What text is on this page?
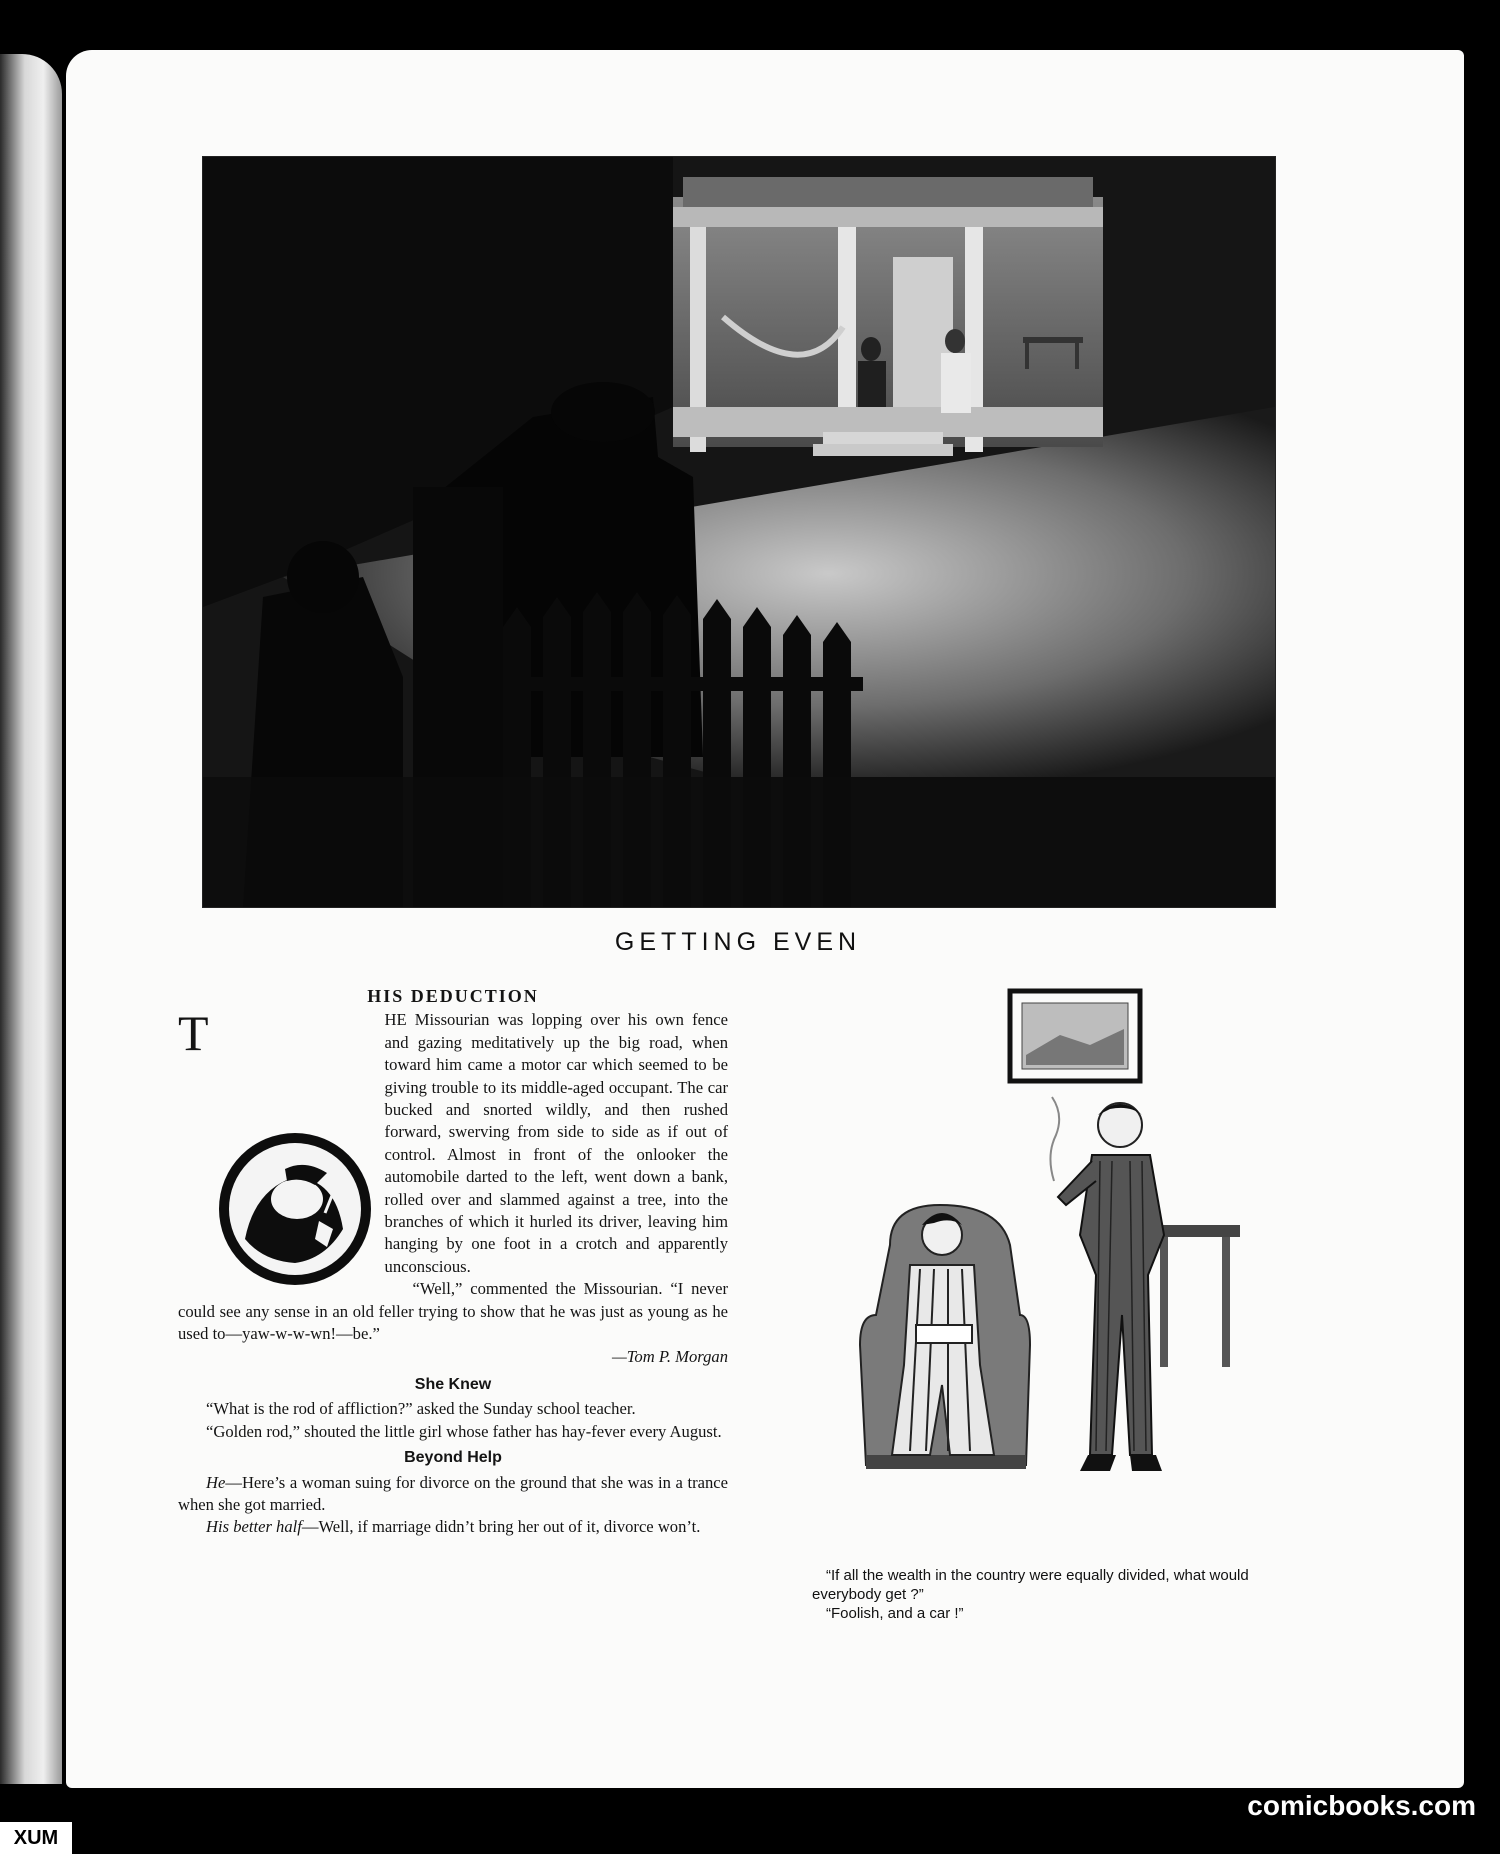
GETTING EVEN
HIS DEDUCTION

T	HE Missourian was lopping over his own fence and gazing meditatively up the big road, when toward him came a motor car which seemed to be giving trouble to its middle-aged occupant. The car bucked and snorted wildly, and then rushed forward, swerving from side to side as if out of control. Almost in front of the onlooker the automobile darted to the left, went down a bank, rolled over and slammed against a tree, into the branches of which it hurled its driver, leaving him hanging by one foot in a crotch and apparently unconscious.

“Well,” commented the Missourian. “I never could see any sense in an old feller trying to show that he was just as young as he used to—yaw-w-w-wn!—be.”

—Tom P. Morgan

She Knew

“What is the rod of affliction?” asked the Sunday school teacher.

“Golden rod,” shouted the little girl whose father has hay-fever every August.

Beyond Help

He—Here’s a woman suing for divorce on the ground that she was in a trance when she got married.

His better half—Well, if marriage didn’t bring her out of it, divorce won’t.

“If all the wealth in the country were equally divided, what would everybody get ?”

“Foolish, and a car !”

XUM
comicbooks.com
